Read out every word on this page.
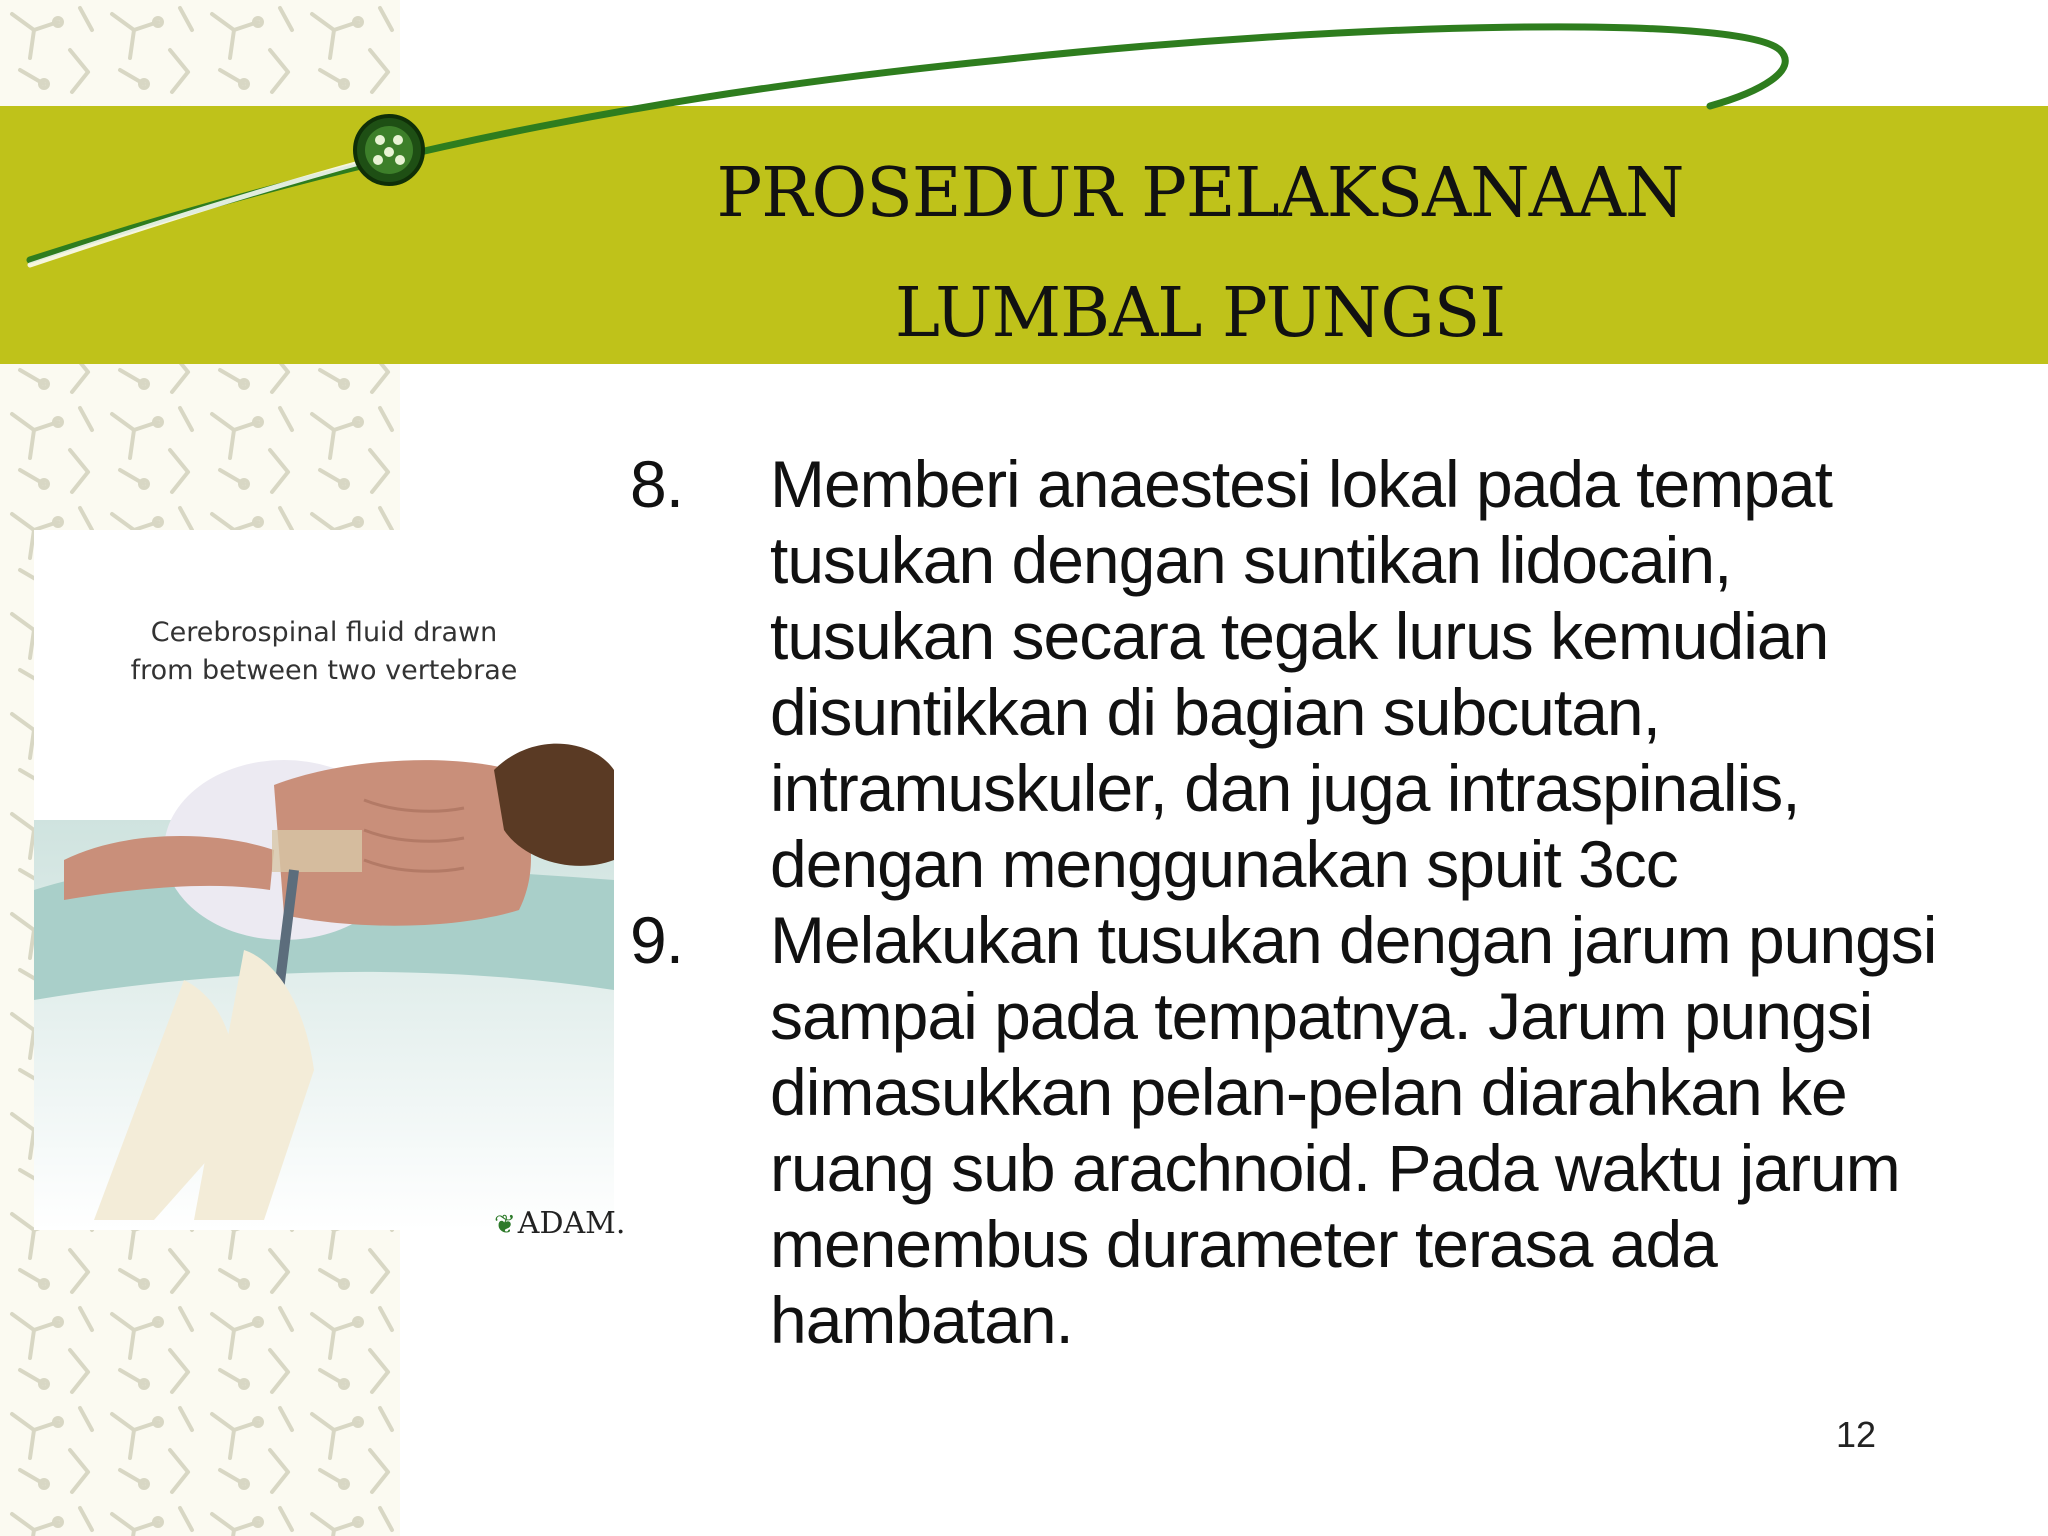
PROSEDUR PELAKSANAAN
LUMBAL PUNGSI
Cerebrospinal fluid drawn
from between two vertebrae
❦ADAM.
8.	Memberi anaestesi lokal pada tempat tusukan dengan suntikan lidocain, tusukan secara tegak lurus kemudian disuntikkan di bagian subcutan, intramuskuler, dan juga intraspinalis, dengan menggunakan spuit 3cc
9.	Melakukan tusukan dengan jarum pungsi sampai pada tempatnya. Jarum pungsi dimasukkan pelan-pelan diarahkan ke ruang sub arachnoid. Pada waktu jarum menembus durameter terasa ada hambatan.
12
